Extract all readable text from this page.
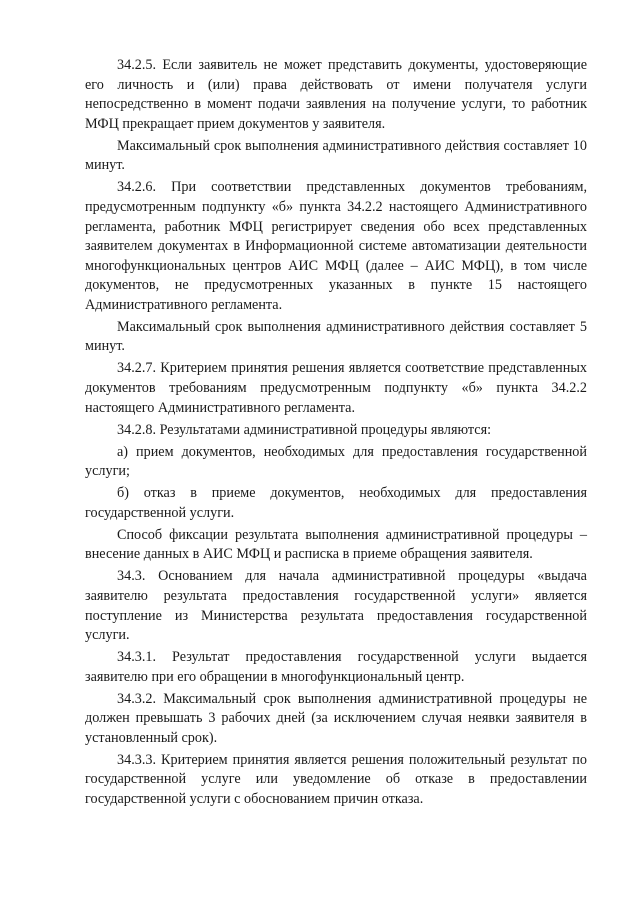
34.2.5. Если заявитель не может представить документы, удостоверяющие его личность и (или) права действовать от имени получателя услуги непосредственно в момент подачи заявления на получение услуги, то работник МФЦ прекращает прием документов у заявителя.

Максимальный срок выполнения административного действия составляет 10 минут.

34.2.6. При соответствии представленных документов требованиям, предусмотренным подпункту «б» пункта 34.2.2 настоящего Административного регламента, работник МФЦ регистрирует сведения обо всех представленных заявителем документах в Информационной системе автоматизации деятельности многофункциональных центров АИС МФЦ (далее – АИС МФЦ), в том числе документов, не предусмотренных указанных в пункте 15 настоящего Административного регламента.

Максимальный срок выполнения административного действия составляет 5 минут.

34.2.7. Критерием принятия решения является соответствие представленных документов требованиям предусмотренным подпункту «б» пункта 34.2.2 настоящего Административного регламента.

34.2.8. Результатами административной процедуры являются:

а) прием документов, необходимых для предоставления государственной услуги;

б) отказ в приеме документов, необходимых для предоставления государственной услуги.

Способ фиксации результата выполнения административной процедуры – внесение данных в АИС МФЦ и расписка в приеме обращения заявителя.

34.3. Основанием для начала административной процедуры «выдача заявителю результата предоставления государственной услуги» является поступление из Министерства результата предоставления государственной услуги.

34.3.1. Результат предоставления государственной услуги выдается заявителю при его обращении в многофункциональный центр.

34.3.2. Максимальный срок выполнения административной процедуры не должен превышать 3 рабочих дней (за исключением случая неявки заявителя в установленный срок).

34.3.3. Критерием принятия является решения положительный результат по государственной услуге или уведомление об отказе в предоставлении государственной услуги с обоснованием причин отказа.
